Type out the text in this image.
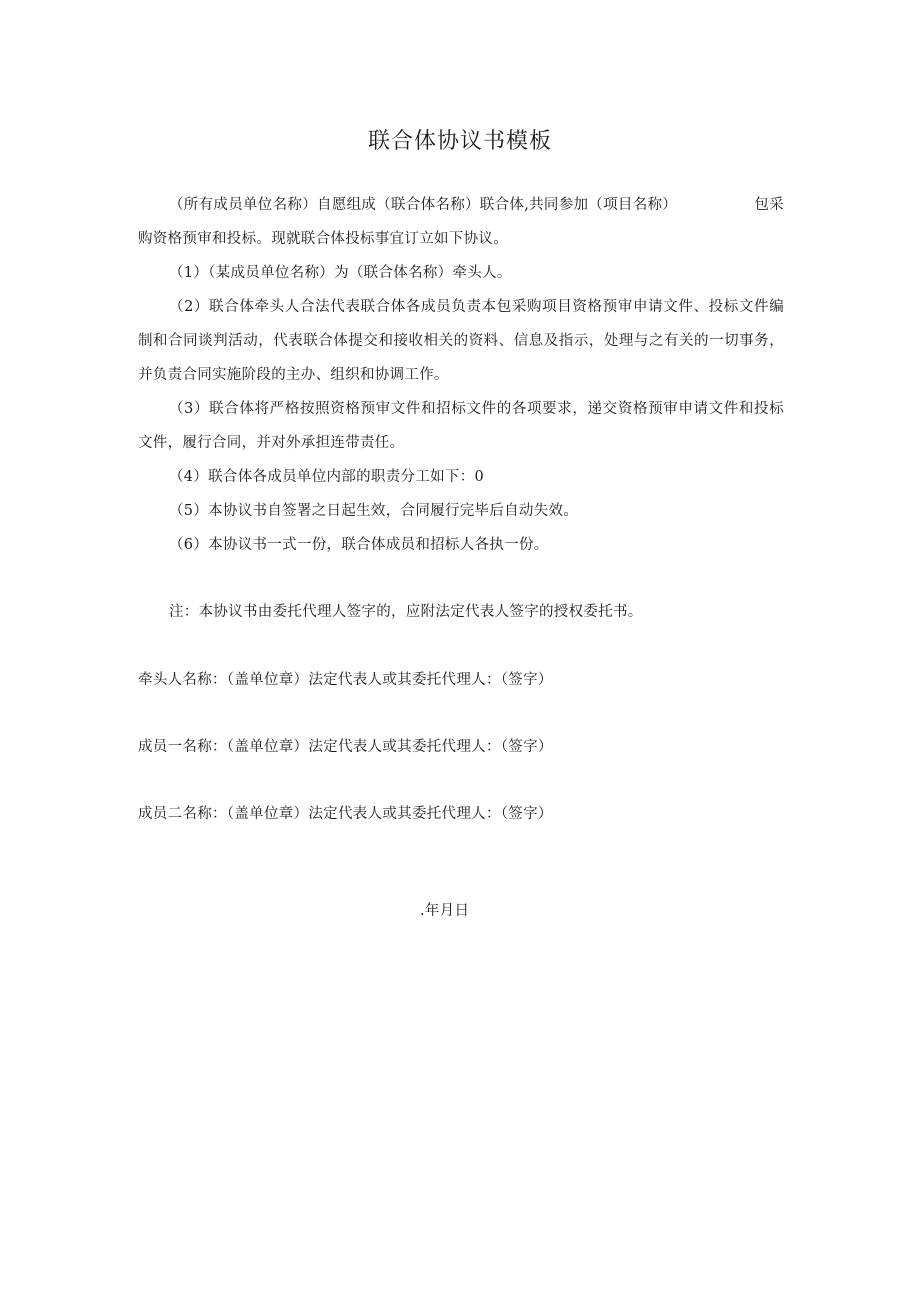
联合体协议书模板

（所有成员单位名称）自愿组成（联合体名称）联合体,共同参加（项目名称）	包采

购资格预审和投标。现就联合体投标事宜订立如下协议。

（1）（某成员单位名称）为（联合体名称）牵头人。

（2）联合体牵头人合法代表联合体各成员负责本包采购项目资格预审申请文件、投标文件编制和合同谈判活动，代表联合体提交和接收相关的资料、信息及指示，处理与之有关的一切事务，并负责合同实施阶段的主办、组织和协调工作。

（3）联合体将严格按照资格预审文件和招标文件的各项要求，递交资格预审申请文件和投标文件，履行合同，并对外承担连带责任。

（4）联合体各成员单位内部的职责分工如下：0

（5）本协议书自签署之日起生效，合同履行完毕后自动失效。

（6）本协议书一式一份，联合体成员和招标人各执一份。

注：本协议书由委托代理人签字的，应附法定代表人签字的授权委托书。

牵头人名称：（盖单位章）法定代表人或其委托代理人：（签字）

成员一名称：（盖单位章）法定代表人或其委托代理人：（签字）

成员二名称：（盖单位章）法定代表人或其委托代理人：（签字）

.年月日
